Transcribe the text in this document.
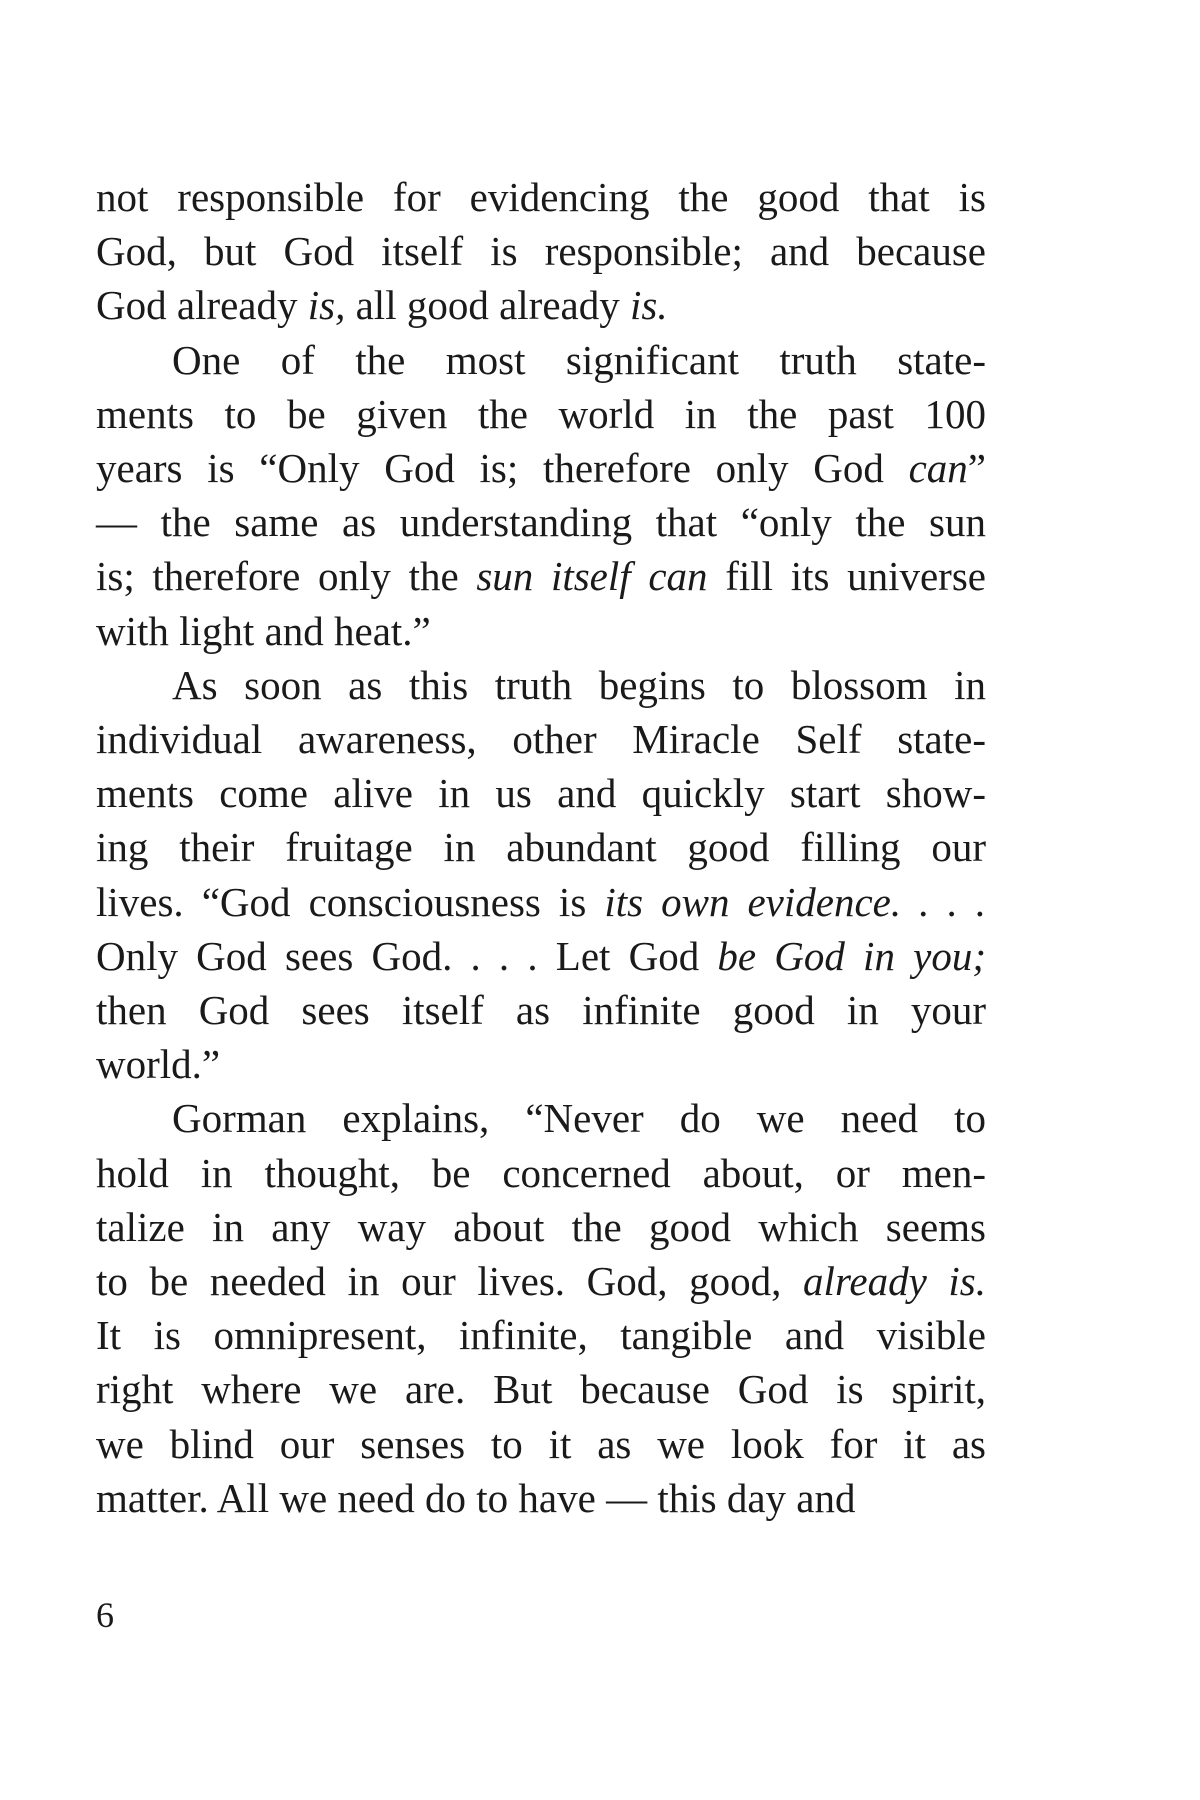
not responsible for evidencing the good that is
God, but God itself is responsible; and because
God already is, all good already is.
One of the most significant truth state-
ments to be given the world in the past 100
years is “Only God is; therefore only God can”
— the same as understanding that “only the sun
is; therefore only the sun itself can fill its universe
with light and heat.”
As soon as this truth begins to blossom in
individual awareness, other Miracle Self state-
ments come alive in us and quickly start show-
ing their fruitage in abundant good filling our
lives. “God consciousness is its own evidence. . . .
Only God sees God. . . . Let God be God in you;
then God sees itself as infinite good in your
world.”
Gorman explains, “Never do we need to
hold in thought, be concerned about, or men-
talize in any way about the good which seems
to be needed in our lives. God, good, already is.
It is omnipresent, infinite, tangible and visible
right where we are. But because God is spirit,
we blind our senses to it as we look for it as
matter. All we need do to have — this day and
6
